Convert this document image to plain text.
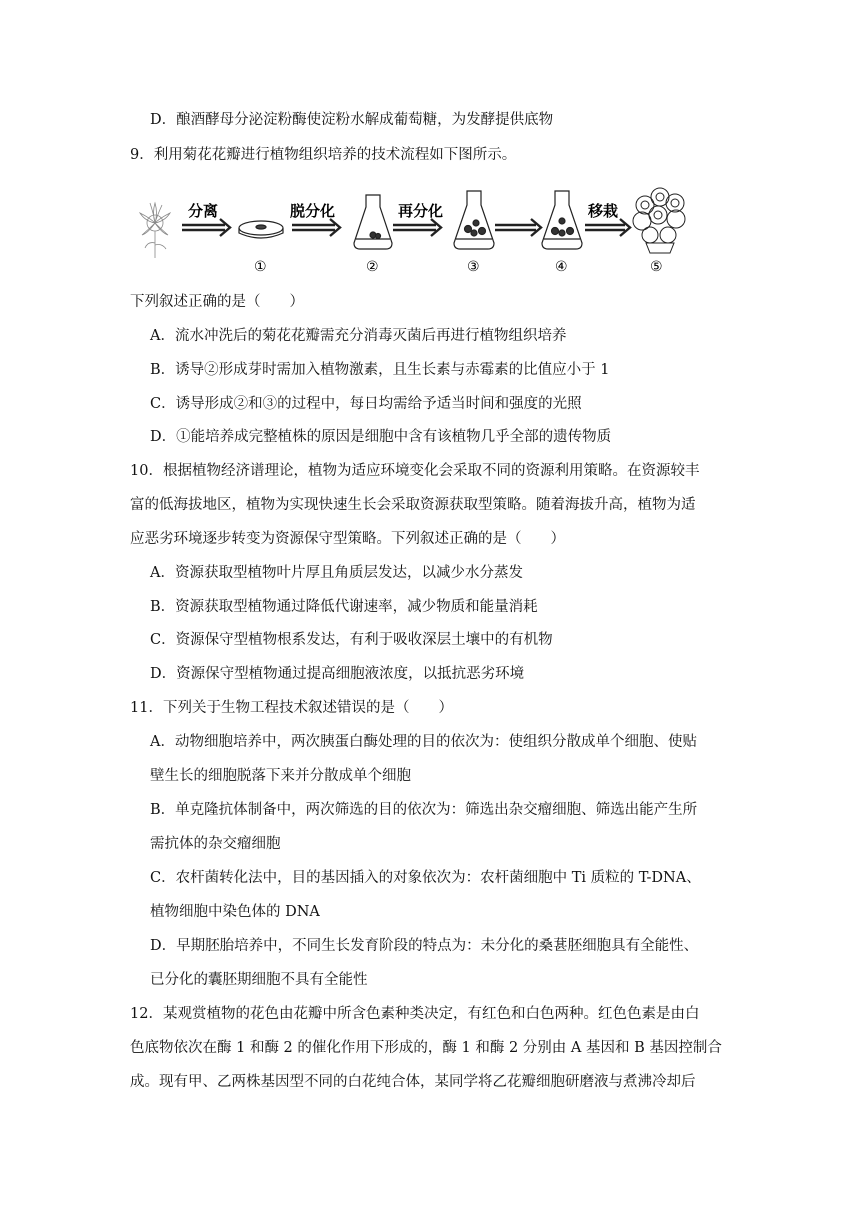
D．酿酒酵母分泌淀粉酶使淀粉水解成葡萄糖，为发酵提供底物
9．利用菊花花瓣进行植物组织培养的技术流程如下图所示。
分离	脱分化	再分化	移栽
①	②	③	④	⑤
下列叙述正确的是（　　）
A．流水冲洗后的菊花花瓣需充分消毒灭菌后再进行植物组织培养
B．诱导②形成芽时需加入植物激素，且生长素与赤霉素的比值应小于 1
C．诱导形成②和③的过程中，每日均需给予适当时间和强度的光照
D．①能培养成完整植株的原因是细胞中含有该植物几乎全部的遗传物质
10．根据植物经济谱理论，植物为适应环境变化会采取不同的资源利用策略。在资源较丰
富的低海拔地区，植物为实现快速生长会采取资源获取型策略。随着海拔升高，植物为适
应恶劣环境逐步转变为资源保守型策略。下列叙述正确的是（　　）
A．资源获取型植物叶片厚且角质层发达，以减少水分蒸发
B．资源获取型植物通过降低代谢速率，减少物质和能量消耗
C．资源保守型植物根系发达，有利于吸收深层土壤中的有机物
D．资源保守型植物通过提高细胞液浓度，以抵抗恶劣环境
11．下列关于生物工程技术叙述错误的是（　　）
A．动物细胞培养中，两次胰蛋白酶处理的目的依次为：使组织分散成单个细胞、使贴
壁生长的细胞脱落下来并分散成单个细胞
B．单克隆抗体制备中，两次筛选的目的依次为：筛选出杂交瘤细胞、筛选出能产生所
需抗体的杂交瘤细胞
C．农杆菌转化法中，目的基因插入的对象依次为：农杆菌细胞中 Ti 质粒的 T-DNA、
植物细胞中染色体的 DNA
D．早期胚胎培养中，不同生长发育阶段的特点为：未分化的桑葚胚细胞具有全能性、
已分化的囊胚期细胞不具有全能性
12．某观赏植物的花色由花瓣中所含色素种类决定，有红色和白色两种。红色色素是由白
色底物依次在酶 1 和酶 2 的催化作用下形成的，酶 1 和酶 2 分别由 A 基因和 B 基因控制合
成。现有甲、乙两株基因型不同的白花纯合体，某同学将乙花瓣细胞研磨液与煮沸冷却后
